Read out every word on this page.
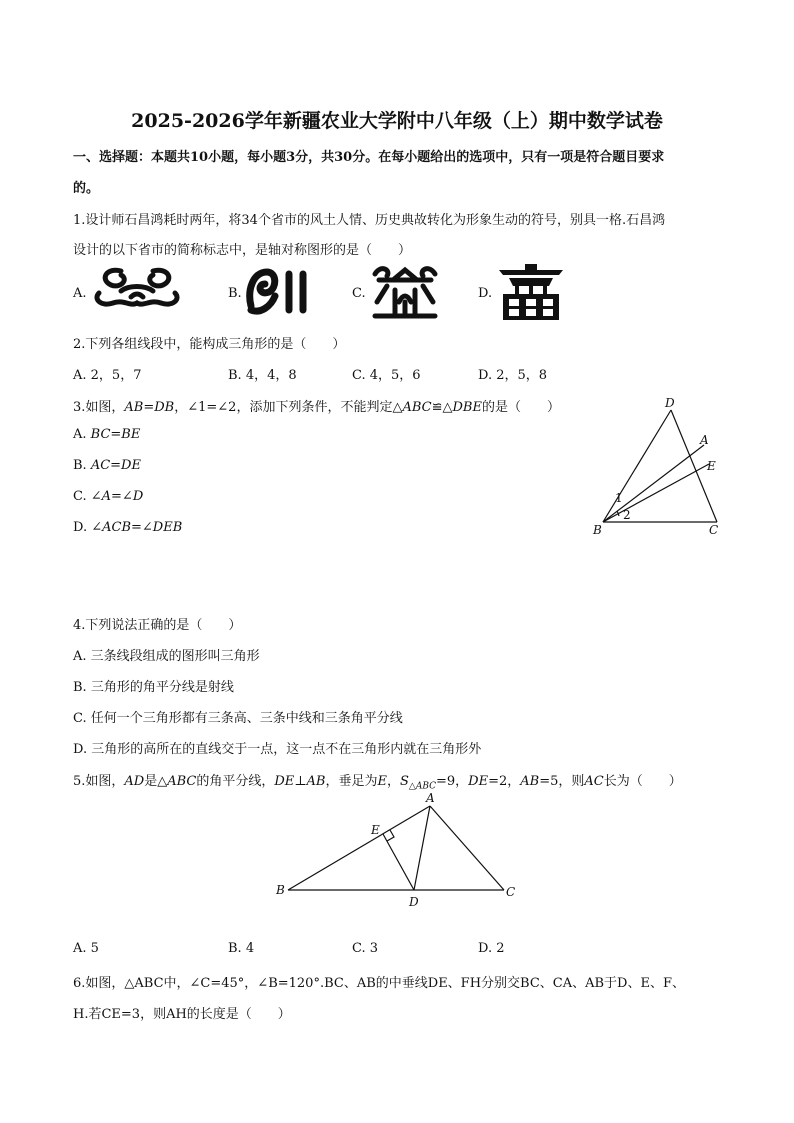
2025-2026学年新疆农业大学附中八年级（上）期中数学试卷
一、选择题：本题共10小题，每小题3分，共30分。在每小题给出的选项中，只有一项是符合题目要求
的。
1.设计师石昌鸿耗时两年，将34个省市的风土人情、历史典故转化为形象生动的符号，别具一格.石昌鸿
设计的以下省市的简称标志中，是轴对称图形的是（　　）
A.	B.	C.	D.
2.下列各组线段中，能构成三角形的是（　　）
A. 2，5，7	B. 4，4，8	C. 4，5，6	D. 2，5，8
3.如图，AB=DB，∠1=∠2，添加下列条件，不能判定△ABC≌△DBE的是（　　）
A. BC=BE
B. AC=DE
C. ∠A=∠D
D. ∠ACB=∠DEB
D
A
E
B	C
1
2
4.下列说法正确的是（　　）
A. 三条线段组成的图形叫三角形
B. 三角形的角平分线是射线
C. 任何一个三角形都有三条高、三条中线和三条角平分线
D. 三角形的高所在的直线交于一点，这一点不在三角形内就在三角形外
5.如图，AD是△ABC的角平分线，DE⊥AB，垂足为E，$S_{\triangle ABC}=9$，DE=2，AB=5，则AC长为（　　）
A
E
B
D
C
A. 5	B. 4	C. 3	D. 2
6.如图，△ABC中，∠C=45°，∠B=120°.BC、AB的中垂线DE、FH分别交BC、CA、AB于D、E、F、
H.若CE=3，则AH的长度是（　　）
